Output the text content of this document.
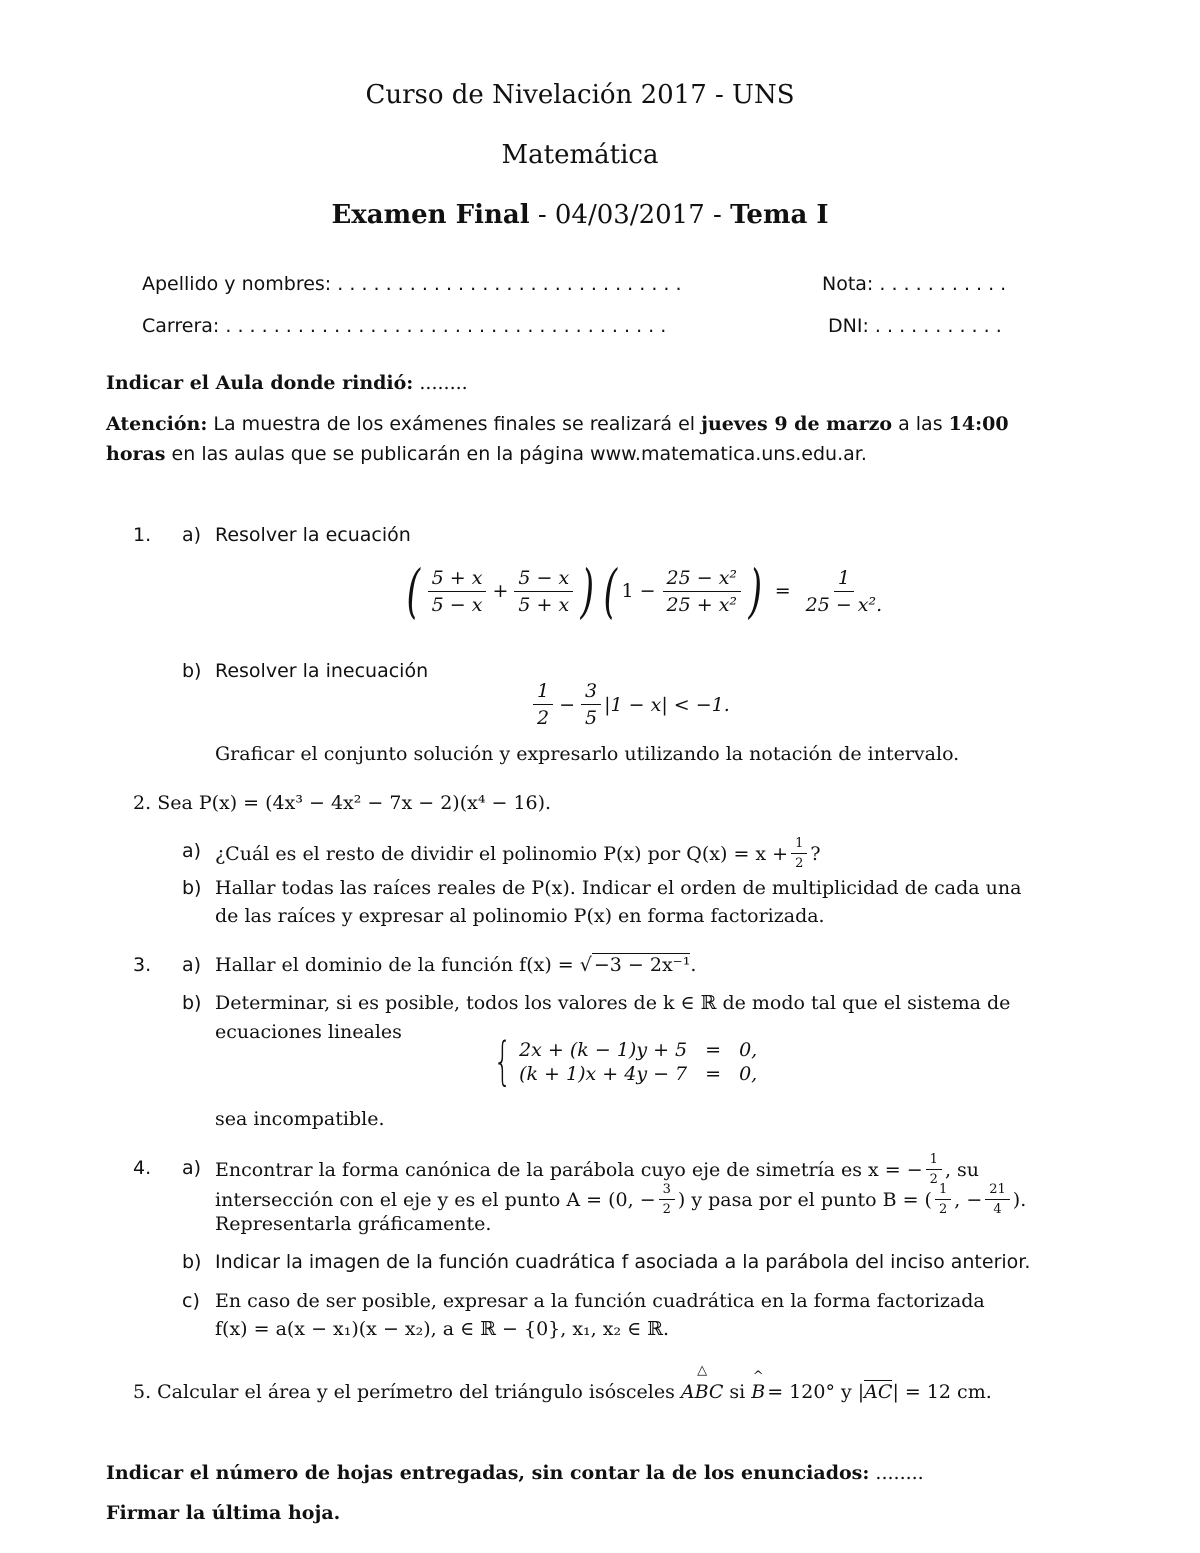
Curso de Nivelación 2017 - UNS
Matemática
Examen Final - 04/03/2017 - Tema I
Apellido y nombres: . . . . . . . . . . . . . . . . . . . . . . . . . . . . .	Nota: . . . . . . . . . . .
Carrera: . . . . . . . . . . . . . . . . . . . . . . . . . . . . . . . . . . . . .	DNI: . . . . . . . . . . .
Indicar el Aula donde rindió: ........
Atención: La muestra de los exámenes finales se realizará el jueves 9 de marzo a las 14:00
horas en las aulas que se publicarán en la página www.matematica.uns.edu.ar.
1. a) Resolver la ecuación
( $\frac{5 + x}{5 - x} + \frac{5 - x}{5 + x}$ ) ( $1 - \frac{\text{25 − x²}}{\text{25 + x²}}$ ) = $\frac{1}{\text{25 − x².}}$
b) Resolver la inecuación
$\frac{1}{2} - \frac{3}{5} |1 - x| < -1$.
Graficar el conjunto solución y expresarlo utilizando la notación de intervalo.
2. Sea P(x) = (4x³ − 4x² − 7x − 2)(x⁴ − 16).
a) ¿Cuál es el resto de dividir el polinomio P(x) por $Q(x) = x + \frac{1}{2}$ ?
b) Hallar todas las raíces reales de P(x). Indicar el orden de multiplicidad de cada una
de las raíces y expresar al polinomio P(x) en forma factorizada.
3. a) Hallar el dominio de la función f(x) = √ −3 − 2x⁻¹.
b) Determinar, si es posible, todos los valores de k ∈ ℝ de modo tal que el sistema de
ecuaciones lineales { 2x + (k − 1)y + 5 = 0,
(k + 1)x + 4y − 7 = 0,
sea incompatible.
4. a) Encontrar la forma canónica de la parábola cuyo eje de simetría es x = − $\frac{1}{2}$ , su
intersección con el eje y es el punto A = (0, − $\frac{3}{2}$ ) y pasa por el punto B = ( $\frac{1}{2}$ , − $\frac{21}{4}$ ).
Representarla gráficamente.
b) Indicar la imagen de la función cuadrática f asociada a la parábola del inciso anterior.
c) En caso de ser posible, expresar a la función cuadrática en la forma factorizada
f(x) = a(x − x₁)(x − x₂), a ∈ ℝ − {0}, x₁, x₂ ∈ ℝ.
5. Calcular el área y el perímetro del triángulo isósceles
△
ABC si
^
B = 120° y | AC | = 12 cm.
Indicar el número de hojas entregadas, sin contar la de los enunciados: ........
Firmar la última hoja.
